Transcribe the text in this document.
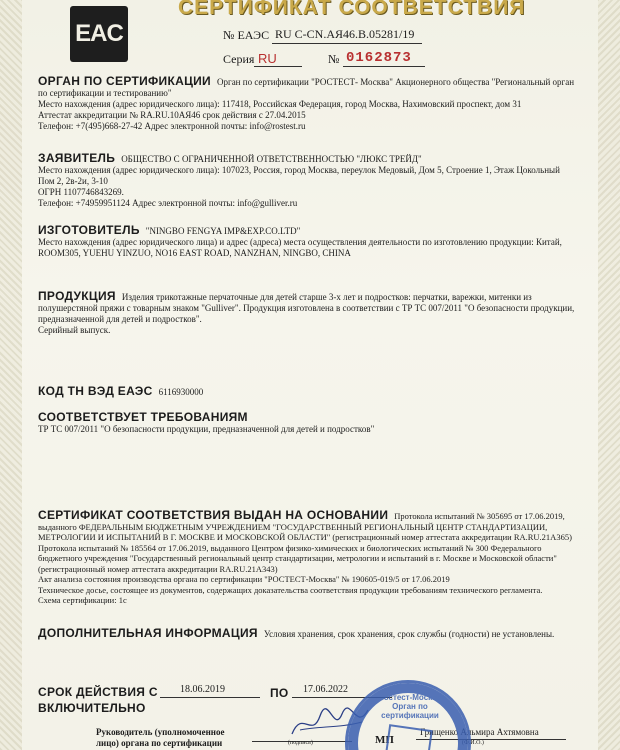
EAC
СЕРТИФИКАТ СООТВЕТСТВИЯ
№ ЕАЭС RU C-CN.АЯ46.В.05281/19
Серия RU	№ 0162873

ОРГАН ПО СЕРТИФИКАЦИИ Орган по сертификации "РОСТЕСТ- Москва" Акционерного общества "Региональный орган по сертификации и тестированию"

Место нахождения (адрес юридического лица): 117418, Российская Федерация, город Москва, Нахимовский проспект, дом 31

Аттестат аккредитации № RA.RU.10АЯ46 срок действия с 27.04.2015

Телефон: +7(495)668-27-42 Адрес электронной почты: info@rostest.ru

ЗАЯВИТЕЛЬ ОБЩЕСТВО С ОГРАНИЧЕННОЙ ОТВЕТСТВЕННОСТЬЮ "ЛЮКС ТРЕЙД"

Место нахождения (адрес юридического лица): 107023, Россия, город Москва, переулок Медовый, Дом 5, Строение 1, Этаж Цокольный Пом 2, 2в-2и, 3-10

ОГРН 1107746843269.

Телефон: +74959951124 Адрес электронной почты: info@gulliver.ru

ИЗГОТОВИТЕЛЬ "NINGBO FENGYA IMP&EXP.CO.LTD"

Место нахождения (адрес юридического лица) и адрес (адреса) места осуществления деятельности по изготовлению продукции: Китай, ROOM305, YUEHU YINZUO, NO16 EAST ROAD, NANZHAN, NINGBO, CHINA

ПРОДУКЦИЯ Изделия трикотажные перчаточные для детей старше 3-х лет и подростков: перчатки, варежки, митенки из полушерстяной пряжи с товарным знаком "Gulliver". Продукция изготовлена в соответствии с ТР ТС 007/2011 "О безопасности продукции, предназначенной для детей и подростков".

Серийный выпуск.

КОД ТН ВЭД ЕАЭС 6116930000

СООТВЕТСТВУЕТ ТРЕБОВАНИЯМ

ТР ТС 007/2011 "О безопасности продукции, предназначенной для детей и подростков"

СЕРТИФИКАТ СООТВЕТСТВИЯ ВЫДАН НА ОСНОВАНИИ Протокола испытаний № 305695 от 17.06.2019, выданного ФЕДЕРАЛЬНЫМ БЮДЖЕТНЫМ УЧРЕЖДЕНИЕМ "ГОСУДАРСТВЕННЫЙ РЕГИОНАЛЬНЫЙ ЦЕНТР СТАНДАРТИЗАЦИИ, МЕТРОЛОГИИ И ИСПЫТАНИЙ В Г. МОСКВЕ И МОСКОВСКОЙ ОБЛАСТИ" (регистрационный номер аттестата аккредитации RA.RU.21A365)

Протокола испытаний № 185564 от 17.06.2019, выданного Центром физико-химических и биологических испытаний № 300 Федерального бюджетного учреждения "Государственный региональный центр стандартизации, метрологии и испытаний в г. Москве и Московской области" (регистрационный номер аттестата аккредитации RA.RU.21A343)

Акт анализа состояния производства органа по сертификации "РОСТЕСТ-Москва" № 190605-019/5 от 17.06.2019

Техническое досье, состоящее из документов, содержащих доказательства соответствия продукции требованиям технического регламента.

Схема сертификации: 1с

ДОПОЛНИТЕЛЬНАЯ ИНФОРМАЦИЯ Условия хранения, срок хранения, срок службы (годности) не установлены.

СРОК ДЕЙСТВИЯ С 18.06.2019	ПО 17.06.2022
ВКЛЮЧИТЕЛЬНО
Руководитель (уполномоченное
лицо) органа по сертификации	(подпись)	МП
Грищенко Альмира Ахтямовна
(Ф.И.О.)
«Ростест-Москва» Орган по сертификации
